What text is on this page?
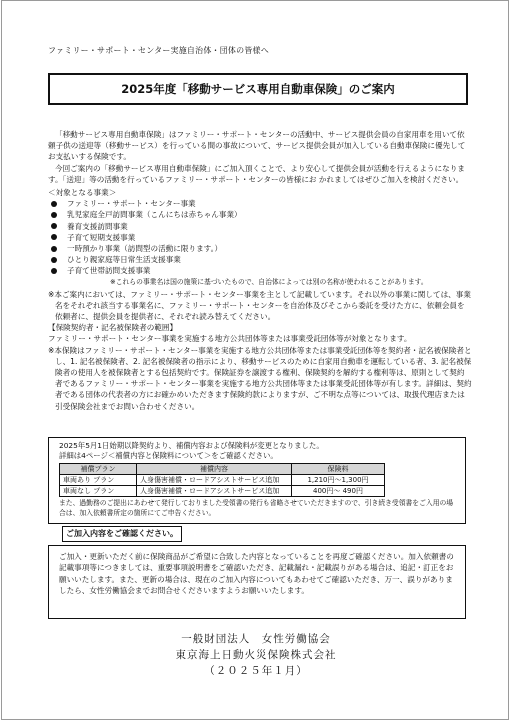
ファミリー・サポート・センター実施自治体・団体の皆様へ
2025年度「移動サービス専用自動車保険」のご案内

「移動サービス専用自動車保険」はファミリー・サポート・センターの活動中、サービス提供会員の自家用車を用いて依頼子供の送迎等（移動サービス）を行っている間の事故について、サービス提供会員が加入している自動車保険に優先してお支払いする保険です。

今回ご案内の「移動サービス専用自動車保険」にご加入頂くことで、より安心して提供会員が活動を行えるようになります。「送迎」等の活動を行っているファミリー・サポート・センターの皆様にお かれましてはぜひご加入を検討ください。

＜対象となる事業＞

ファミリー・サポート・センター事業
乳児家庭全戸訪問事業（こんにちは赤ちゃん事業）
養育支援訪問事業
子育て短期支援事業
一時預かり事業（訪問型の活動に限ります。）
ひとり親家庭等日常生活支援事業
子育て世帯訪問支援事業

※これらの事業名は国の施策に基づいたもので、自治体によっては別の名称が使われることがあります。

※本ご案内においては、ファミリー・サポート・センター事業を主として記載しています。それ以外の事業に関しては、事業名をそれぞれ該当する事業名に、ファミリー・サポート・センターを自治体及びそこから委託を受けた方に、依頼会員を依頼者に、提供会員を提供者に、それぞれ読み替えてください。

【保険契約者・記名被保険者の範囲】

ファミリー・サポート・センター事業を実施する地方公共団体等または事業受託団体等が対象となります。

※本保険はファミリー・サポート・センター事業を実施する地方公共団体等または事業受託団体等を契約者・記名被保険者とし、1. 記名被保険者、2. 記名被保険者の指示により、移動サービスのために自家用自動車を運転している者、3. 記名被保険者の使用人を被保険者とする包括契約です。保険証券を譲渡する権利、保険契約を解約する権利等は、原則として契約者であるファミリー・サポート・センター事業を実施する地方公共団体等または事業受託団体等が有します。詳細は、契約者である団体の代表者の方にお確かめいただきます保険約款によりますが、ご不明な点等については、取扱代理店または引受保険会社までお問い合わせください。

2025年5月1日始期以降契約より、補償内容および保険料が変更となりました。
詳細は4ページ＜補償内容と保険料について＞をご確認ください。
補償プラン	補償内容	保険料
車両あり プラン	人身傷害補償・ロードアシストサービス追加	1,210円～1,300円
車両なし プラン	人身傷害補償・ロードアシストサービス追加	400円～ 490円
また、過勤務のご提出にあわせて発行しておりました受領書の発行も省略させていただきますので、引き続き受領書をご入用の場合は、加入依頼書所定の箇所にてご申告ください。
ご加入内容をご確認ください。
ご加入・更新いただく前に保険商品がご希望に合致した内容となっていることを再度ご確認ください。加入依頼書の記載事項等につきましては、重要事項説明書をご確認いただき、記載漏れ・記載誤りがある場合は、追記・訂正をお願いいたします。また、更新の場合は、現在のご加入内容についてもあわせてご確認いただき、万一、誤りがありましたら、女性労働協会までお問合せくださいますようお願いいたします。
一般財団法人　女性労働協会
東京海上日動火災保険株式会社
（２０２５年１月）
